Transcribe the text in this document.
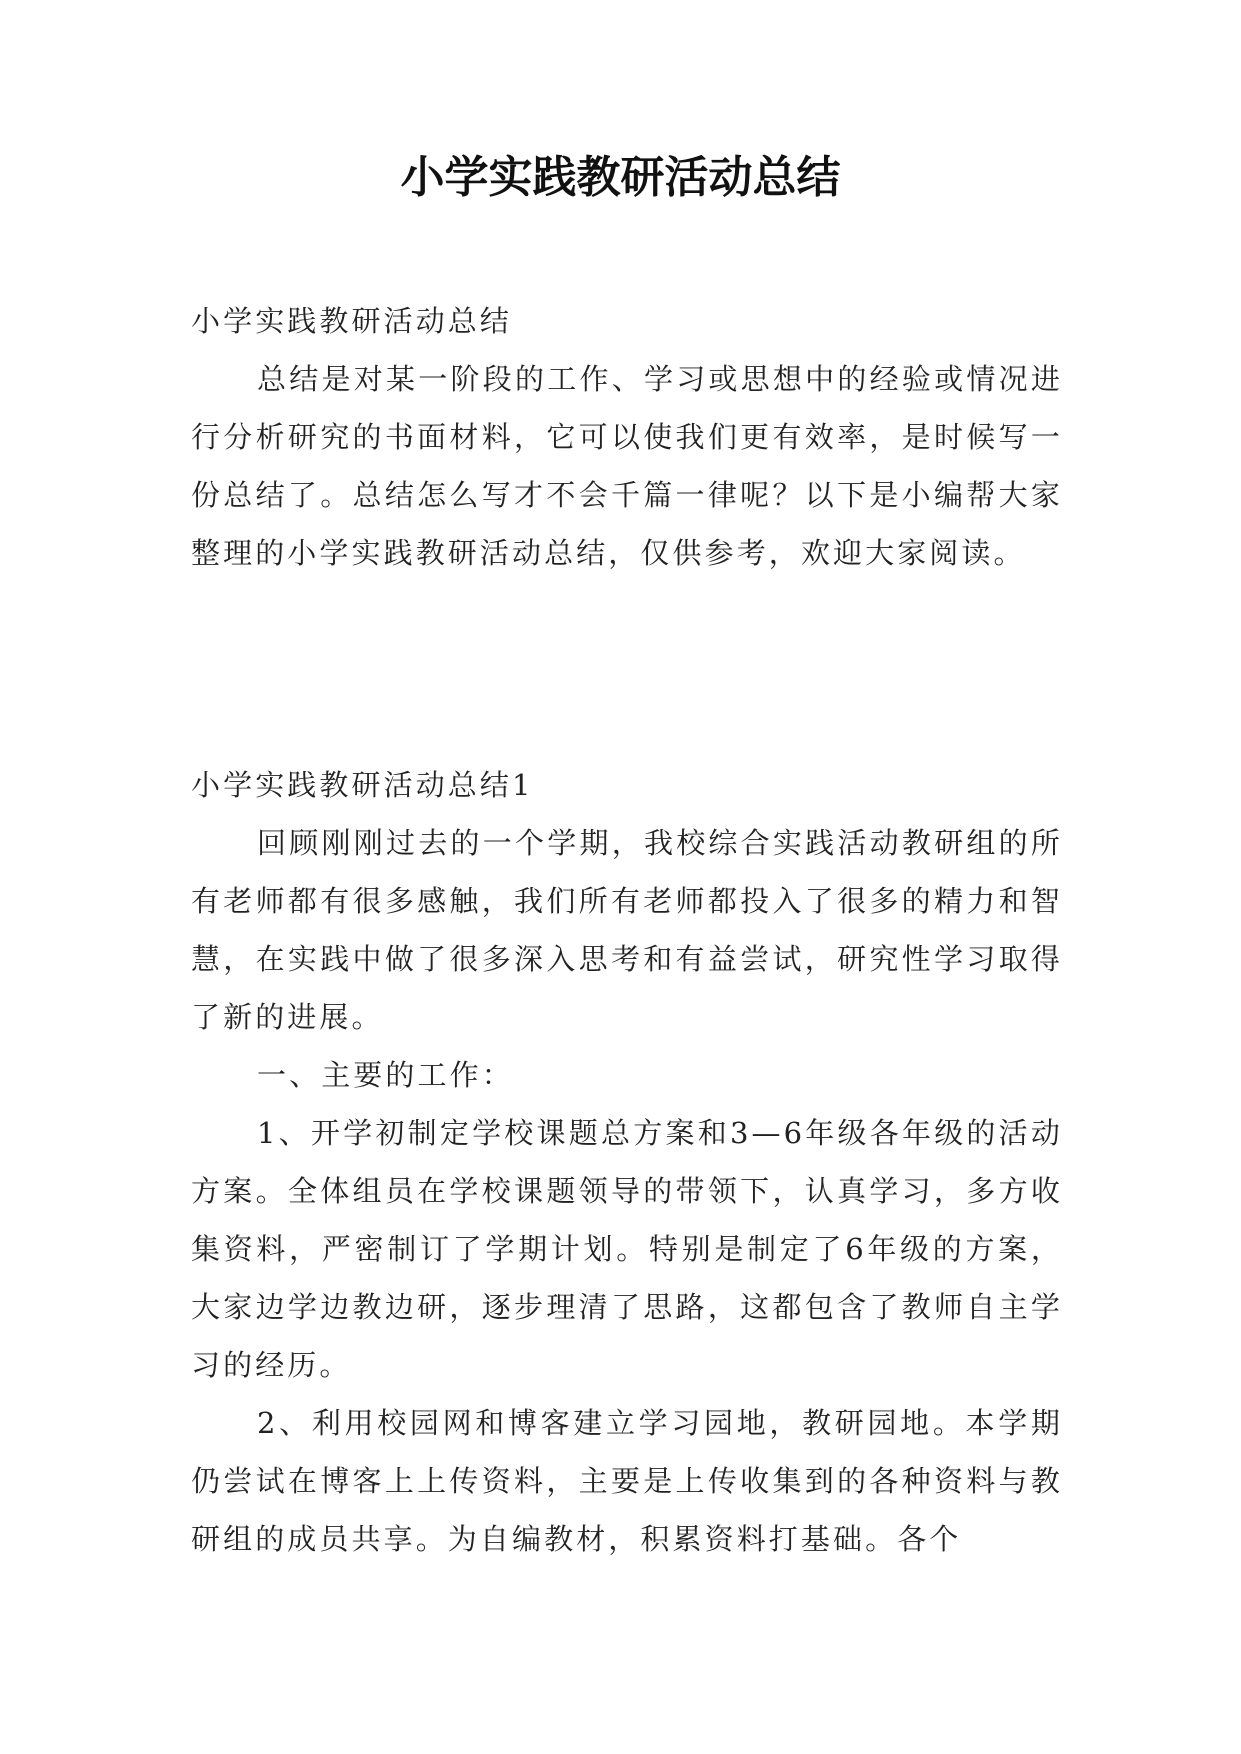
小学实践教研活动总结

小学实践教研活动总结

总结是对某一阶段的工作、学习或思想中的经验或情况进行分析研究的书面材料，它可以使我们更有效率，是时候写一份总结了。总结怎么写才不会千篇一律呢？以下是小编帮大家整理的小学实践教研活动总结，仅供参考，欢迎大家阅读。

小学实践教研活动总结1

回顾刚刚过去的一个学期，我校综合实践活动教研组的所有老师都有很多感触，我们所有老师都投入了很多的精力和智慧，在实践中做了很多深入思考和有益尝试，研究性学习取得了新的进展。

一、主要的工作：

1、开学初制定学校课题总方案和3—6年级各年级的活动方案。全体组员在学校课题领导的带领下，认真学习，多方收集资料，严密制订了学期计划。特别是制定了6年级的方案，大家边学边教边研，逐步理清了思路，这都包含了教师自主学习的经历。

2、利用校园网和博客建立学习园地，教研园地。本学期仍尝试在博客上上传资料，主要是上传收集到的各种资料与教研组的成员共享。为自编教材，积累资料打基础。各个
